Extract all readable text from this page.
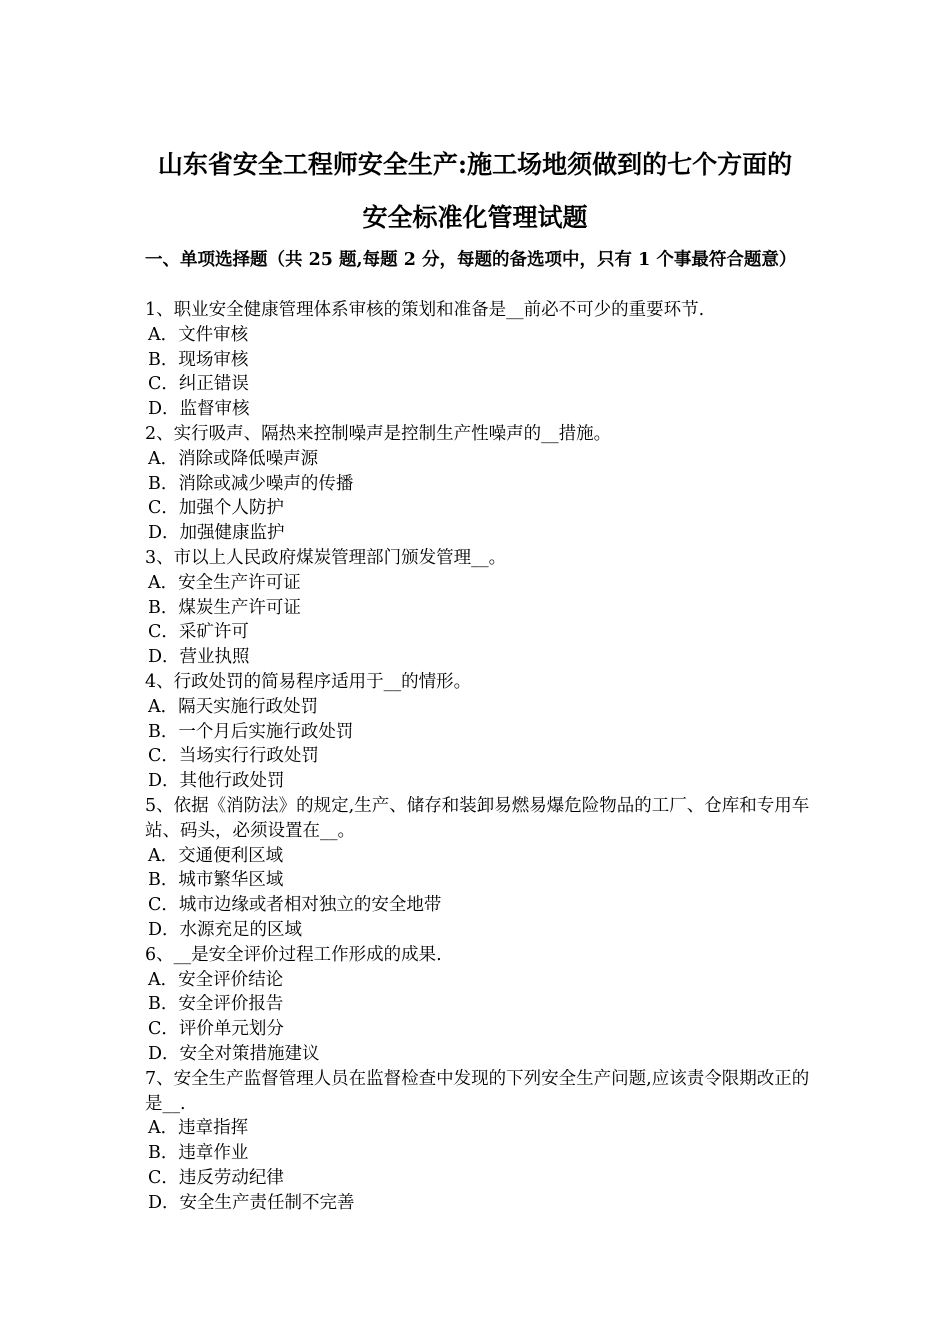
山东省安全工程师安全生产:施工场地须做到的七个方面的
安全标准化管理试题
一、单项选择题（共 25 题,每题 2 分，每题的备选项中，只有 1 个事最符合题意）
1、职业安全健康管理体系审核的策划和准备是__前必不可少的重要环节.
A．文件审核
B．现场审核
C．纠正错误
D．监督审核
2、实行吸声、隔热来控制噪声是控制生产性噪声的__措施。
A．消除或降低噪声源
B．消除或减少噪声的传播
C．加强个人防护
D．加强健康监护
3、市以上人民政府煤炭管理部门颁发管理__。
A．安全生产许可证
B．煤炭生产许可证
C．采矿许可
D．营业执照
4、行政处罚的简易程序适用于__的情形。
A．隔天实施行政处罚
B．一个月后实施行政处罚
C．当场实行行政处罚
D．其他行政处罚
5、依据《消防法》的规定,生产、储存和装卸易燃易爆危险物品的工厂、仓库和专用车站、码头，必须设置在__。
A．交通便利区域
B．城市繁华区域
C．城市边缘或者相对独立的安全地带
D．水源充足的区域
6、__是安全评价过程工作形成的成果.
A．安全评价结论
B．安全评价报告
C．评价单元划分
D．安全对策措施建议
7、安全生产监督管理人员在监督检查中发现的下列安全生产问题,应该责令限期改正的是__.
A．违章指挥
B．违章作业
C．违反劳动纪律
D．安全生产责任制不完善
